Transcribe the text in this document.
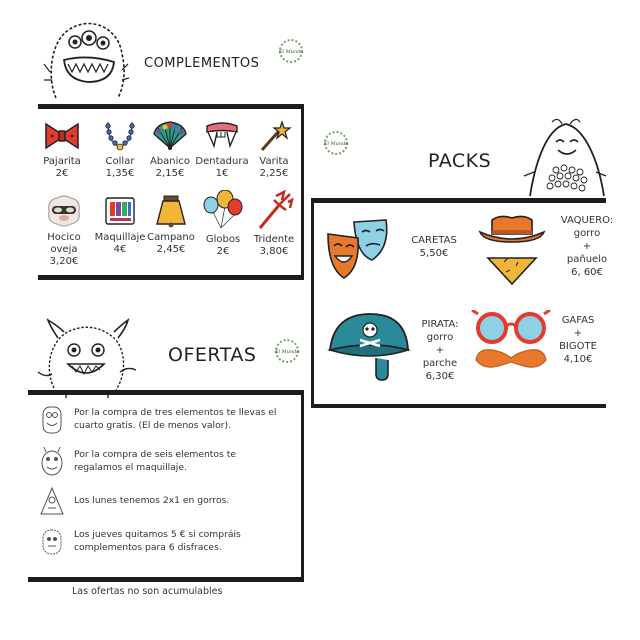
COMPLEMENTOS
El Mundo
Pajarita
2€
Collar
1,35€
Abanico
2,15€
Dentadura
1€
Varita
2,25€
Hocico oveja
3,20€
Maquillaje
4€
Campano
2,45€
Globos
2€
Tridente
3,80€
El Mundo
PACKS
CARETAS
5,50€
VAQUERO:
gorro
+
pañuelo
6, 60€
PIRATA:
gorro
+
parche
6,30€
GAFAS
+
BIGOTE
4,10€
OFERTAS	El Mundo
Por la compra de tres elementos te llevas el cuarto gratis. (El de menos valor).
Por la compra de seis elementos te regalamos el maquillaje.
Los lunes tenemos 2x1 en gorros.
Los jueves quitamos 5 € si compráis complementos para 6 disfraces.
Las ofertas no son acumulables
